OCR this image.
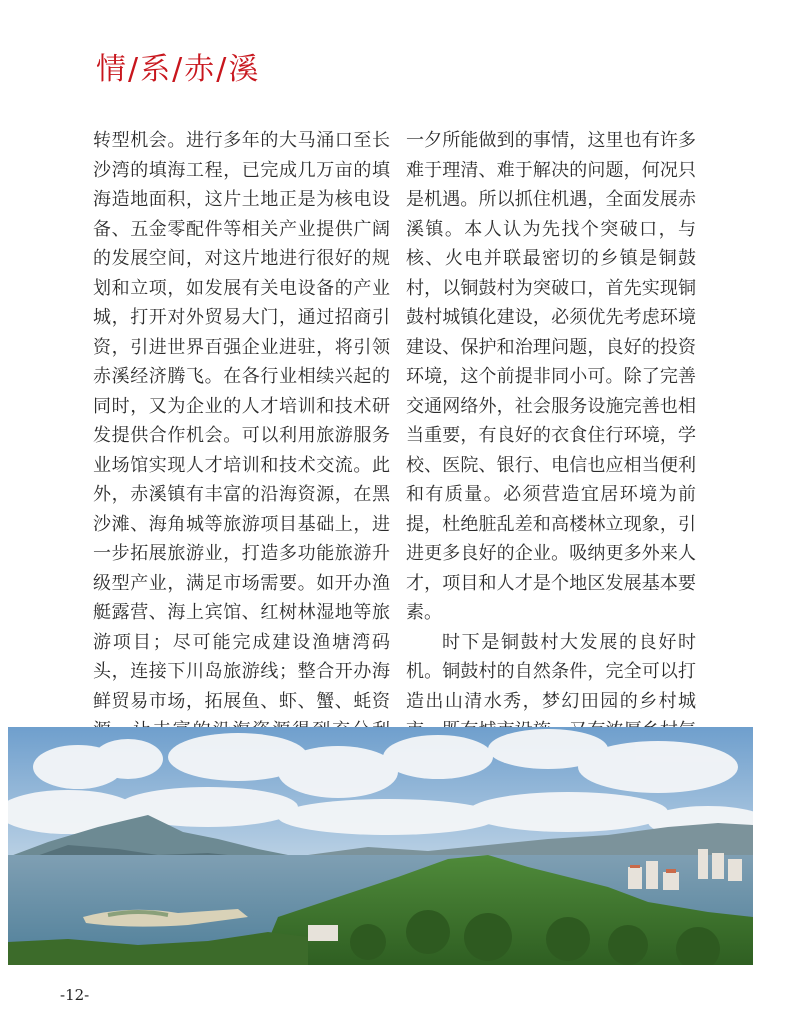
情/系/赤/溪

转型机会。进行多年的大马涌口至长沙湾的填海工程，已完成几万亩的填海造地面积，这片土地正是为核电设备、五金零配件等相关产业提供广阔的发展空间，对这片地进行很好的规划和立项，如发展有关电设备的产业城，打开对外贸易大门，通过招商引资，引进世界百强企业进驻，将引领赤溪经济腾飞。在各行业相续兴起的同时，又为企业的人才培训和技术研发提供合作机会。可以利用旅游服务业场馆实现人才培训和技术交流。此外，赤溪镇有丰富的沿海资源，在黑沙滩、海角城等旅游项目基础上，进一步拓展旅游业，打造多功能旅游升级型产业，满足市场需要。如开办渔艇露营、海上宾馆、红树林湿地等旅游项目；尽可能完成建设渔塘湾码头，连接下川岛旅游线；整合开办海鲜贸易市场，拓展鱼、虾、蟹、蚝资

一夕所能做到的事情，这里也有许多难于理清、难于解决的问题，何况只是机遇。所以抓住机遇，全面发展赤溪镇。本人认为先找个突破口，与核、火电并联最密切的乡镇是铜鼓村，以铜鼓村为突破口，首先实现铜鼓村城镇化建设，必须优先考虑环境建设、保护和治理问题，良好的投资环境，这个前提非同小可。除了完善交通网络外，社会服务设施完善也相当重要，有良好的衣食住行环境，学校、医院、银行、电信也应相当便利和有质量。必须营造宜居环境为前提，杜绝脏乱差和高楼林立现象，引进更多良好的企业。吸纳更多外来人才，项目和人才是个地区发展基本要素。

时下是铜鼓村大发展的良好时机。铜鼓村的自然条件，完全可以打造出山清水秀，梦幻田园的乡村城

-12-
